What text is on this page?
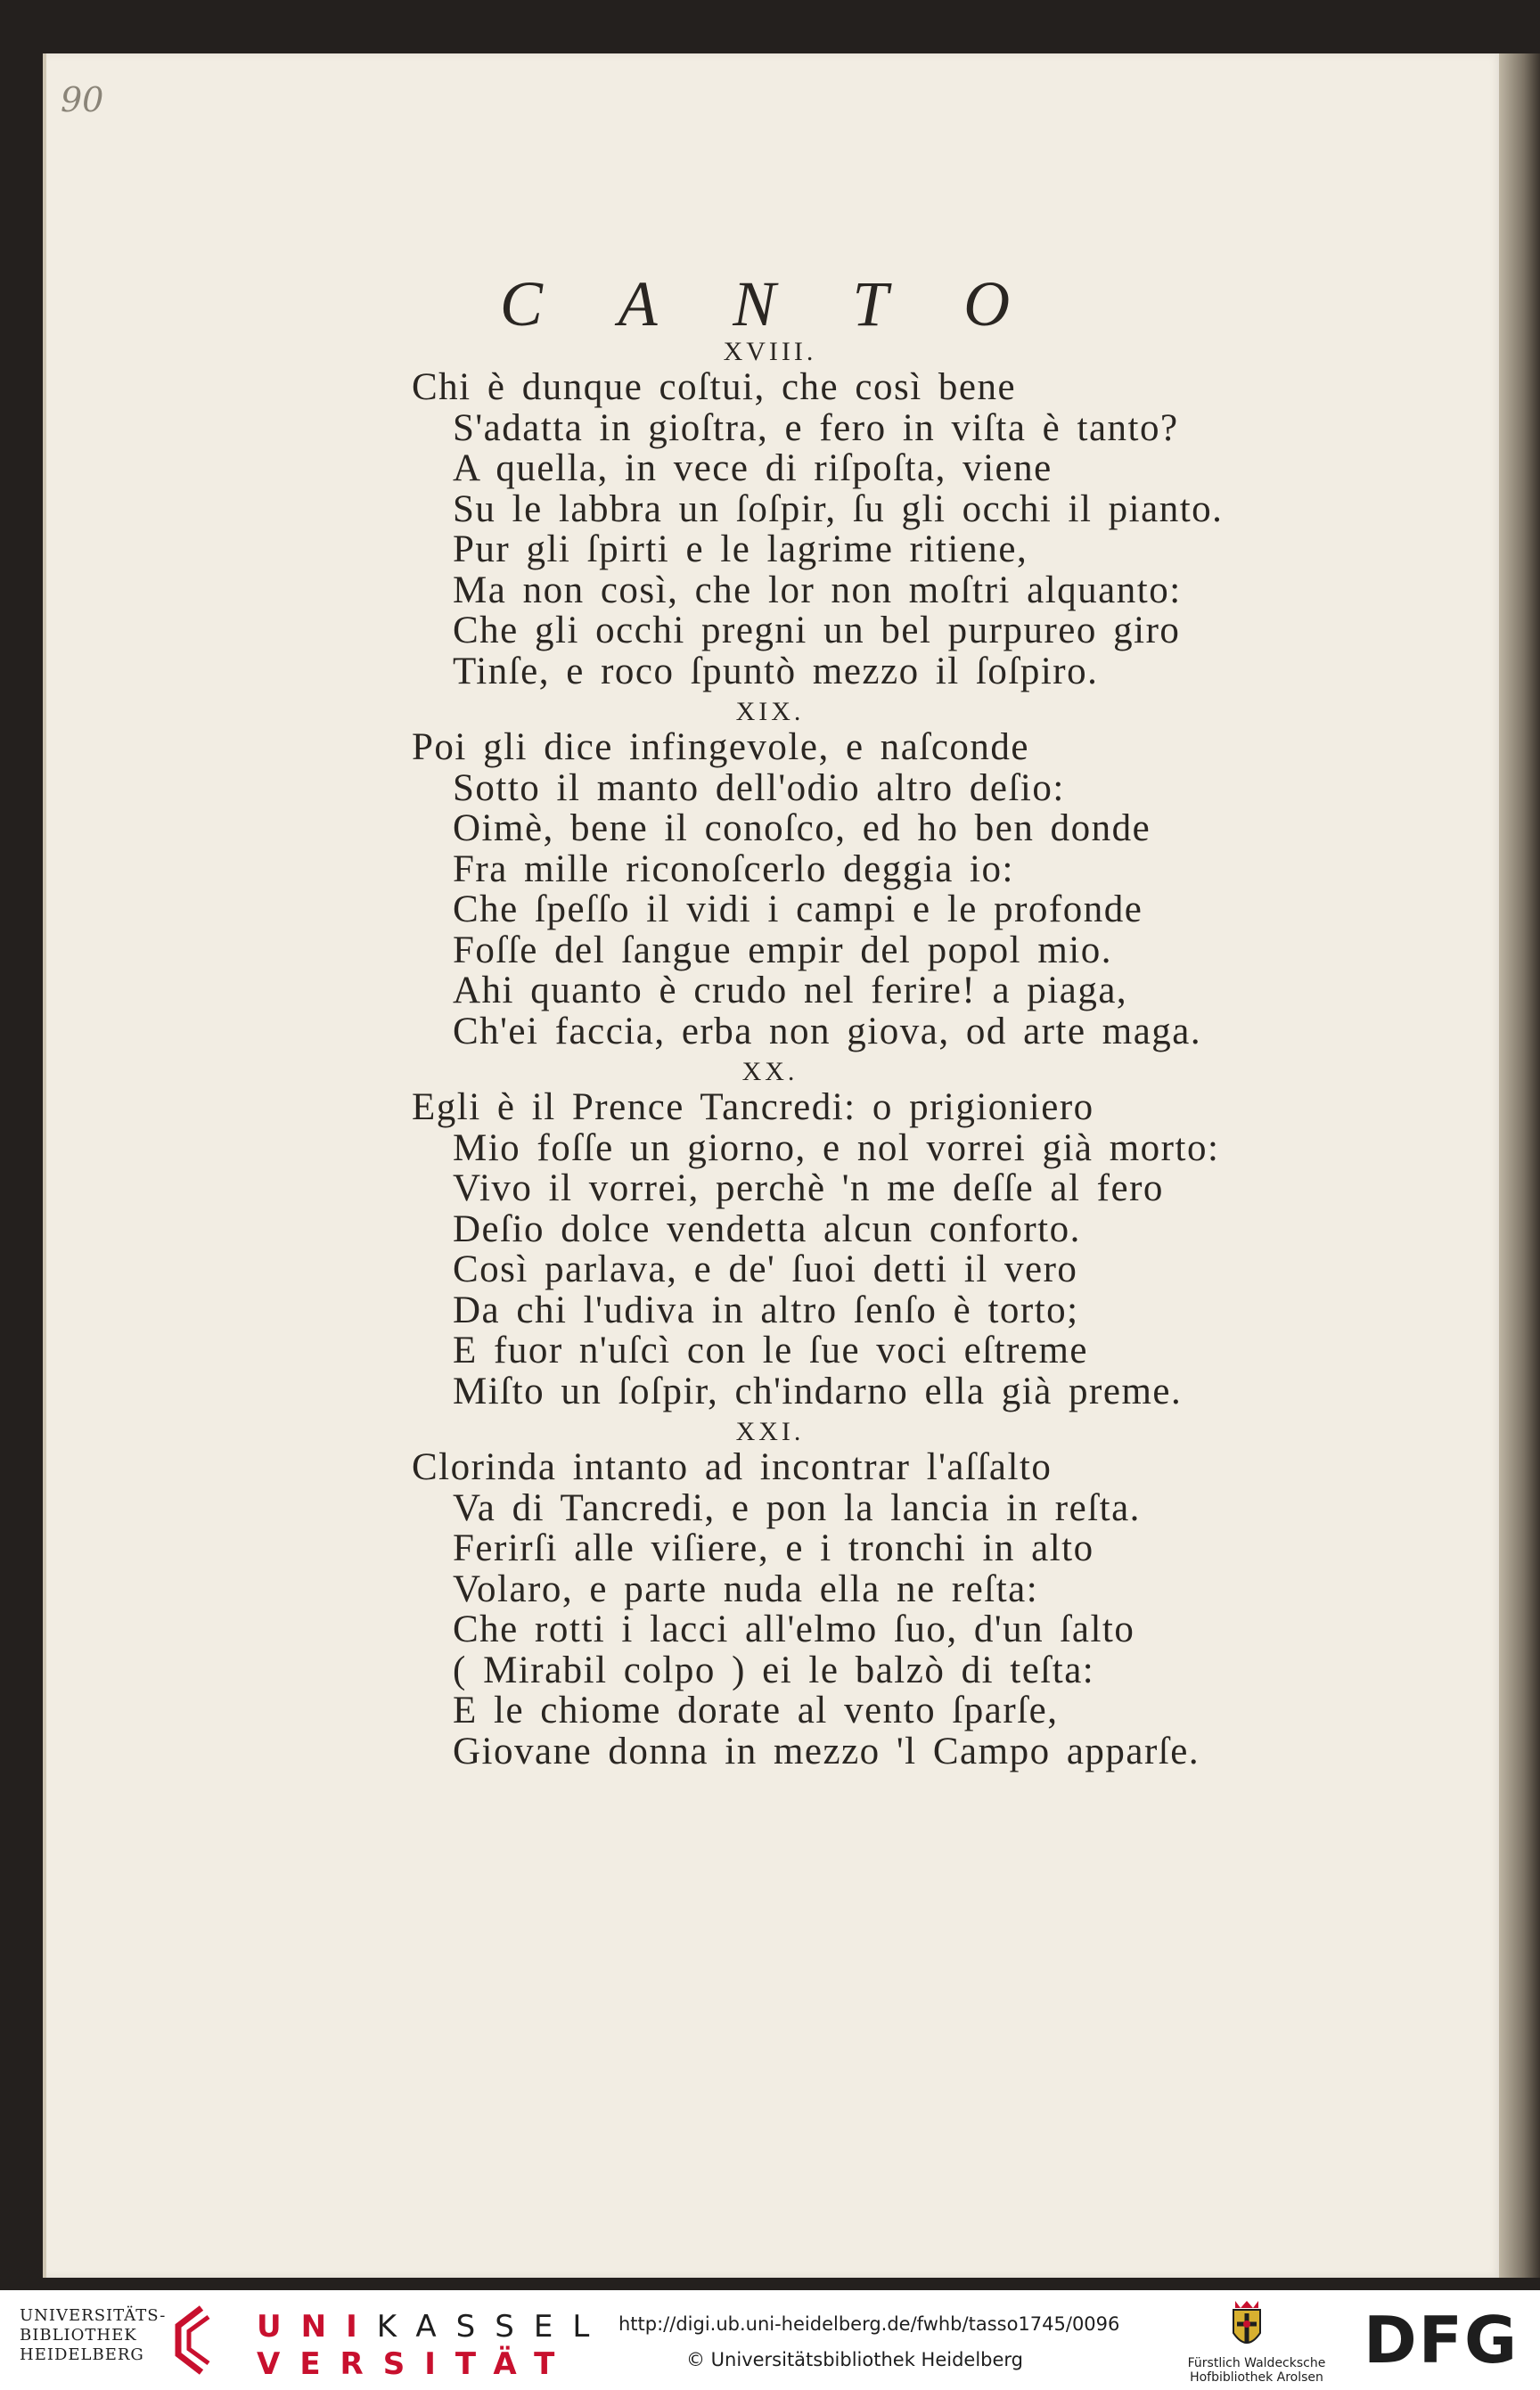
90
C A N T O
XVIII.
Chi è dunque coſtui, che così bene
S'adatta in gioſtra, e fero in viſta è tanto?
A quella, in vece di riſpoſta, viene
Su le labbra un ſoſpir, ſu gli occhi il pianto.
Pur gli ſpirti e le lagrime ritiene,
Ma non così, che lor non moſtri alquanto:
Che gli occhi pregni un bel purpureo giro
Tinſe, e roco ſpuntò mezzo il ſoſpiro.
XIX.
Poi gli dice infingevole, e naſconde
Sotto il manto dell'odio altro deſio:
Oimè, bene il conoſco, ed ho ben donde
Fra mille riconoſcerlo deggia io:
Che ſpeſſo il vidi i campi e le profonde
Foſſe del ſangue empir del popol mio.
Ahi quanto è crudo nel ferire! a piaga,
Ch'ei faccia, erba non giova, od arte maga.
XX.
Egli è il Prence Tancredi: o prigioniero
Mio foſſe un giorno, e nol vorrei già morto:
Vivo il vorrei, perchè 'n me deſſe al fero
Deſio dolce vendetta alcun conforto.
Così parlava, e de' ſuoi detti il vero
Da chi l'udiva in altro ſenſo è torto;
E fuor n'uſcì con le ſue voci eſtreme
Miſto un ſoſpir, ch'indarno ella già preme.
XXI.
Clorinda intanto ad incontrar l'aſſalto
Va di Tancredi, e pon la lancia in reſta.
Ferirſi alle viſiere, e i tronchi in alto
Volaro, e parte nuda ella ne reſta:
Che rotti i lacci all'elmo ſuo, d'un ſalto
( Mirabil colpo ) ei le balzò di teſta:
E le chiome dorate al vento ſparſe,
Giovane donna in mezzo 'l Campo apparſe.
UNIVERSITÄTS-
BIBLIOTHEK
HEIDELBERG
UNIKASSEL
VERSITÄT
http://digi.ub.uni-heidelberg.de/fwhb/tasso1745/0096
© Universitätsbibliothek Heidelberg	Fürstlich Waldecksche
Hofbibliothek Arolsen DFG
